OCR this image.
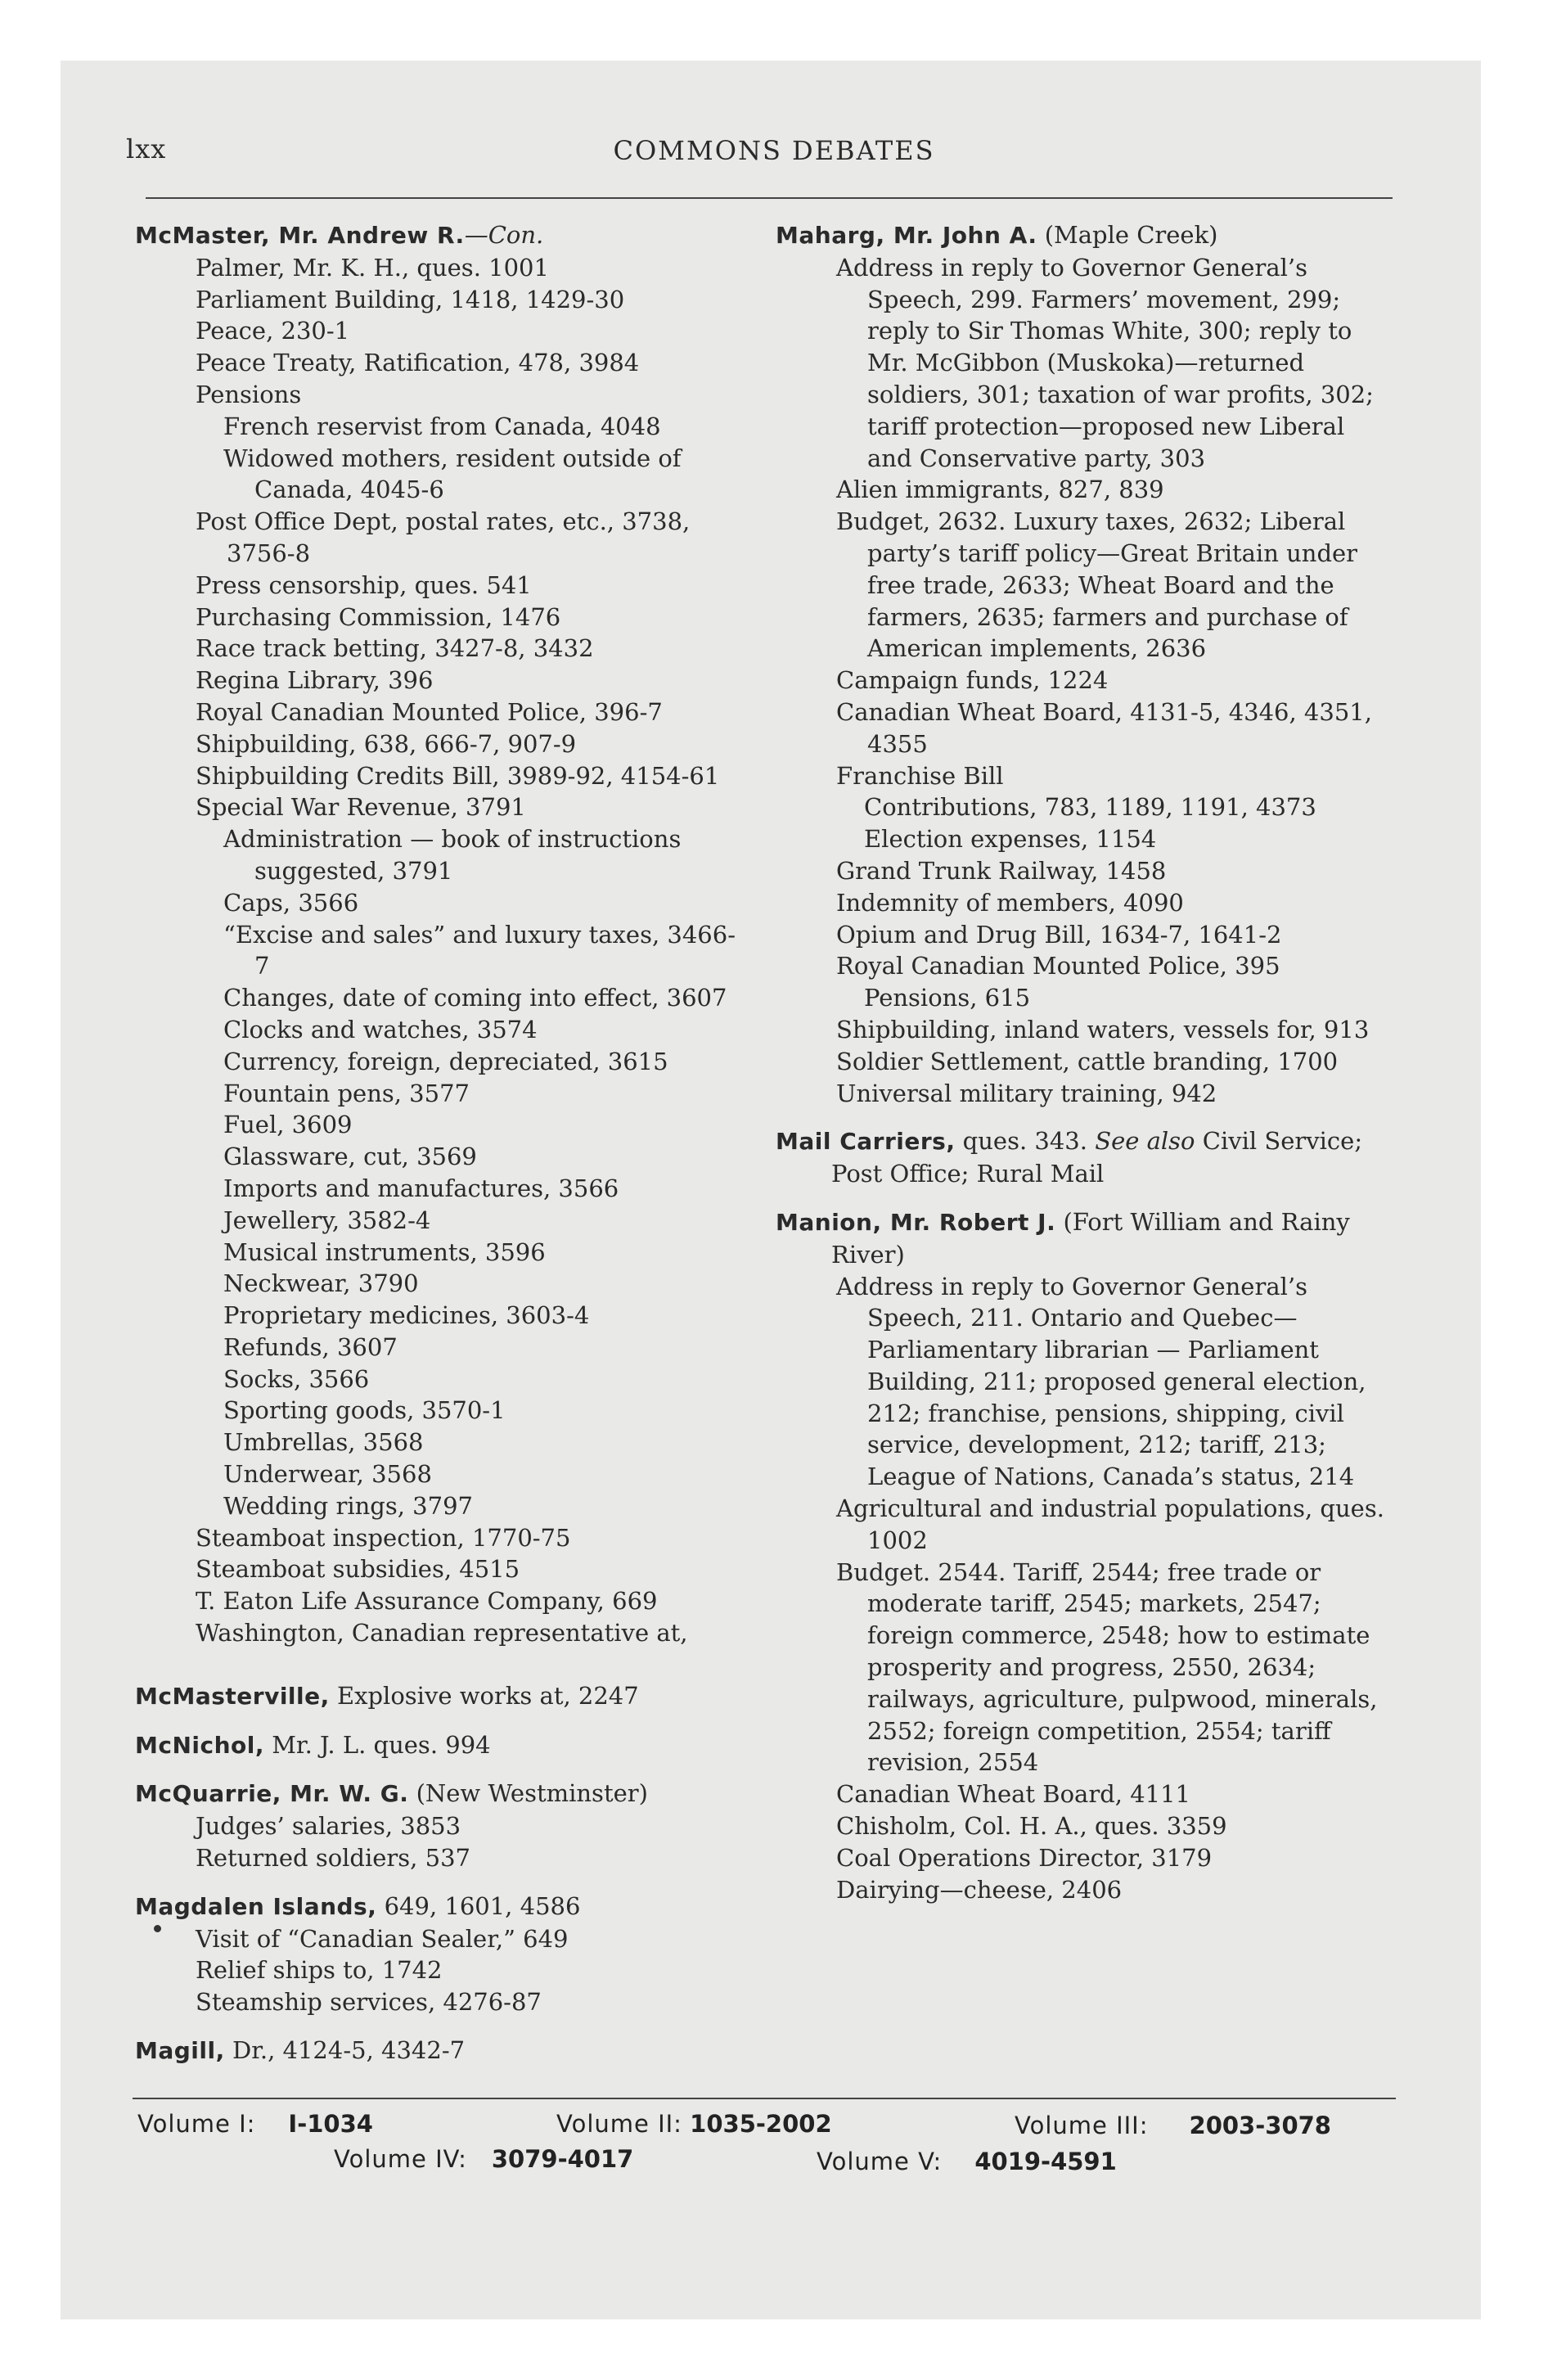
lxx	COMMONS DEBATES
McMaster, Mr. Andrew R.—Con.
Palmer, Mr. K. H., ques. 1001
Parliament Building, 1418, 1429-30
Peace, 230-1
Peace Treaty, Ratification, 478, 3984
Pensions
French reservist from Canada, 4048
Widowed mothers, resident outside of Canada, 4045-6
Post Office Dept, postal rates, etc., 3738, 3756-8
Press censorship, ques. 541
Purchasing Commission, 1476
Race track betting, 3427-8, 3432
Regina Library, 396
Royal Canadian Mounted Police, 396-7
Shipbuilding, 638, 666-7, 907-9
Shipbuilding Credits Bill, 3989-92, 4154-61
Special War Revenue, 3791
Administration — book of instructions suggested, 3791
Caps, 3566
“Excise and sales” and luxury taxes, 3466-7
Changes, date of coming into effect, 3607
Clocks and watches, 3574
Currency, foreign, depreciated, 3615
Fountain pens, 3577
Fuel, 3609
Glassware, cut, 3569
Imports and manufactures, 3566
Jewellery, 3582-4
Musical instruments, 3596
Neckwear, 3790
Proprietary medicines, 3603-4
Refunds, 3607
Socks, 3566
Sporting goods, 3570-1
Umbrellas, 3568
Underwear, 3568
Wedding rings, 3797
Steamboat inspection, 1770-75
Steamboat subsidies, 4515
T. Eaton Life Assurance Company, 669
Washington, Canadian representative at,
McMasterville, Explosive works at, 2247
McNichol, Mr. J. L. ques. 994
McQuarrie, Mr. W. G. (New Westminster)
Judges’ salaries, 3853
Returned soldiers, 537
Magdalen Islands, 649, 1601, 4586
Visit of “Canadian Sealer,” 649
Relief ships to, 1742
Steamship services, 4276-87
Magill, Dr., 4124-5, 4342-7
Maharg, Mr. John A. (Maple Creek)
Address in reply to Governor General’s Speech, 299. Farmers’ movement, 299; reply to Sir Thomas White, 300; reply to Mr. McGibbon (Muskoka)—returned soldiers, 301; taxation of war profits, 302; tariff protection—proposed new Liberal and Conservative party, 303
Alien immigrants, 827, 839
Budget, 2632. Luxury taxes, 2632; Liberal party’s tariff policy—Great Britain under free trade, 2633; Wheat Board and the farmers, 2635; farmers and purchase of American implements, 2636
Campaign funds, 1224
Canadian Wheat Board, 4131-5, 4346, 4351, 4355
Franchise Bill
Contributions, 783, 1189, 1191, 4373
Election expenses, 1154
Grand Trunk Railway, 1458
Indemnity of members, 4090
Opium and Drug Bill, 1634-7, 1641-2
Royal Canadian Mounted Police, 395
Pensions, 615
Shipbuilding, inland waters, vessels for, 913
Soldier Settlement, cattle branding, 1700
Universal military training, 942
Mail Carriers, ques. 343. See also Civil Service; Post Office; Rural Mail
Manion, Mr. Robert J. (Fort William and Rainy River)
Address in reply to Governor General’s Speech, 211. Ontario and Quebec—Parliamentary librarian — Parliament Building, 211; proposed general election, 212; franchise, pensions, shipping, civil service, development, 212; tariff, 213; League of Nations, Canada’s status, 214
Agricultural and industrial populations, ques. 1002
Budget. 2544. Tariff, 2544; free trade or moderate tariff, 2545; markets, 2547; foreign commerce, 2548; how to estimate prosperity and progress, 2550, 2634; railways, agriculture, pulpwood, minerals, 2552; foreign competition, 2554; tariff revision, 2554
Canadian Wheat Board, 4111
Chisholm, Col. H. A., ques. 3359
Coal Operations Director, 3179
Dairying—cheese, 2406
Volume I: I-1034	Volume II: 1035-2002	Volume III: 2003-3078
Volume IV: 3079-4017	Volume V: 4019-4591
